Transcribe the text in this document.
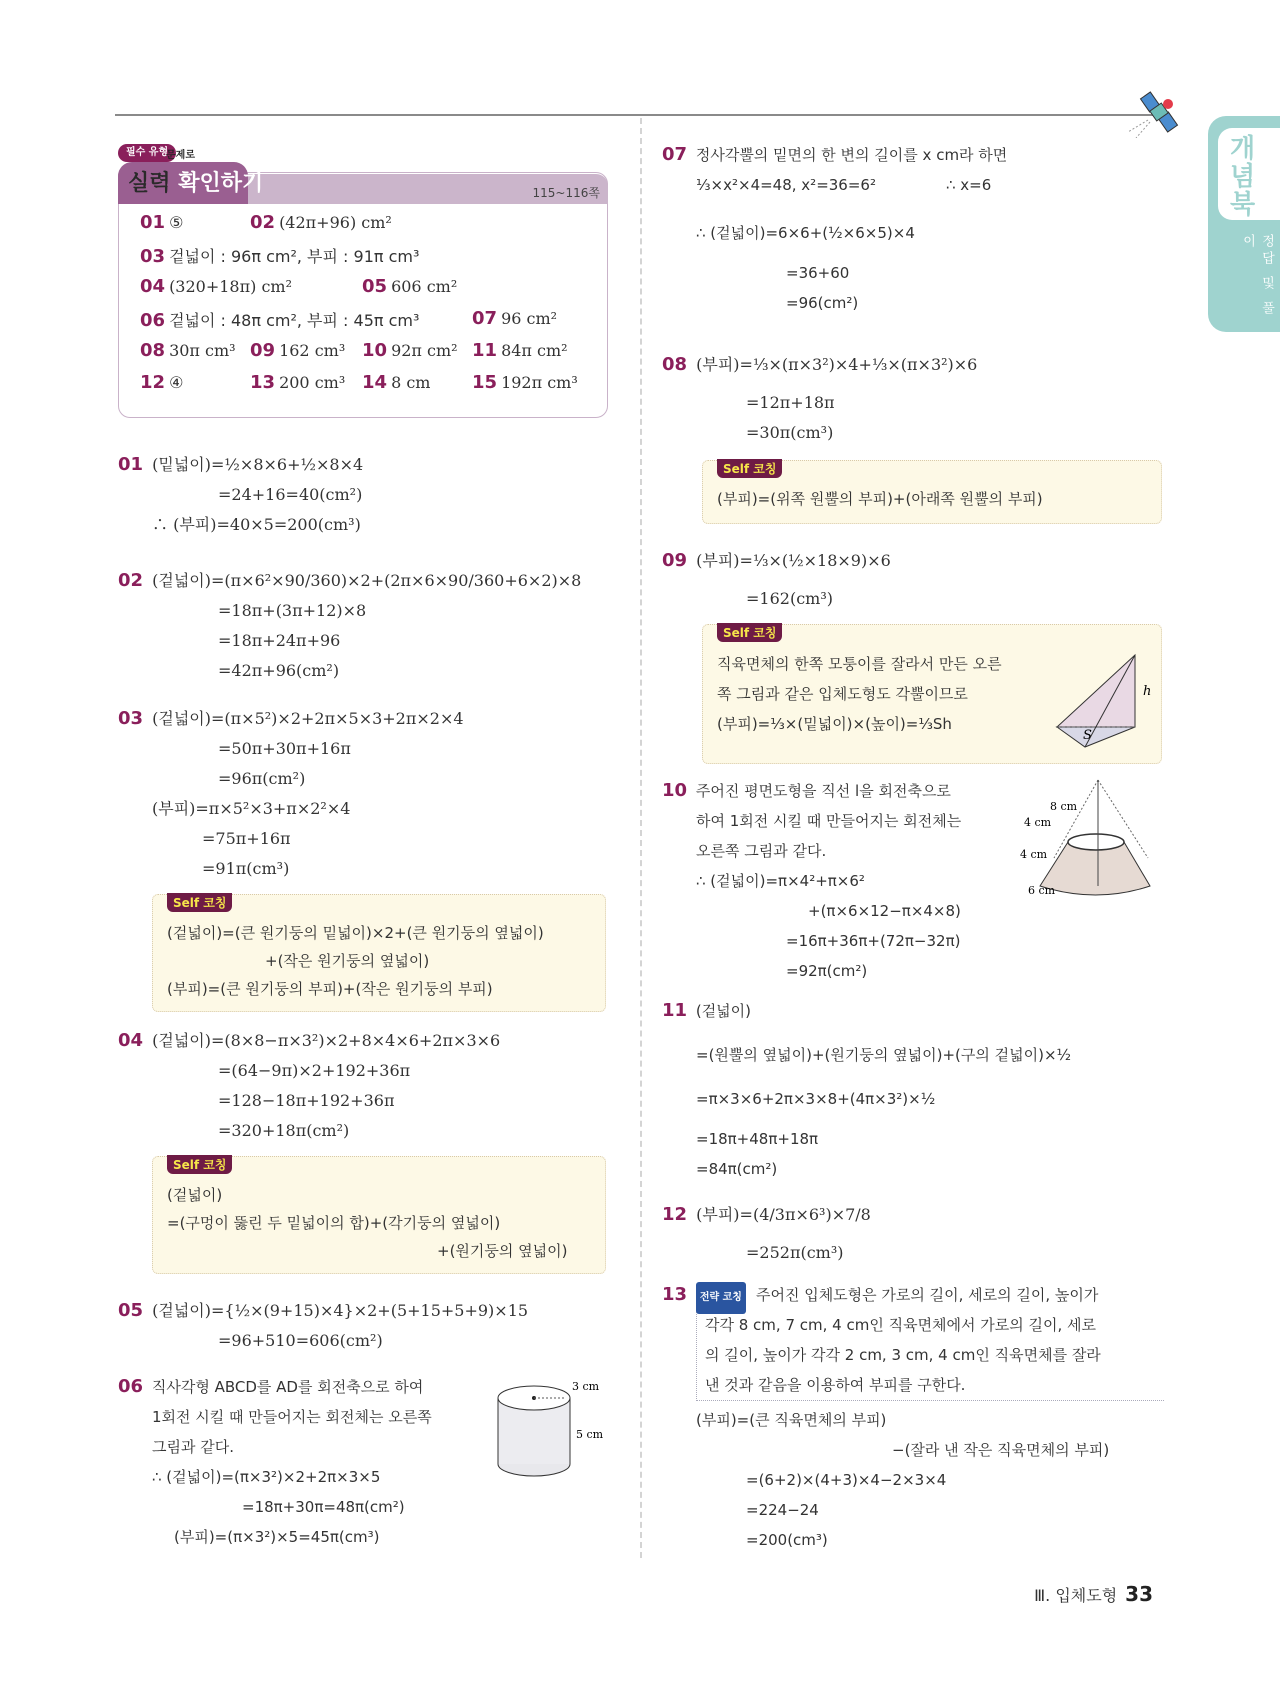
개념북
정답 및 풀이
필수 유형
문제로
실력 확인하기	115~116쪽
01 ⑤	02 (42π+96) cm²
03 겉넓이 : 96π cm², 부피 : 91π cm³
04 (320+18π) cm²	05 606 cm²
06 겉넓이 : 48π cm², 부피 : 45π cm³	07 96 cm²
08 30π cm³ 09 162 cm³ 10 92π cm² 11 84π cm²
12 ④	13 200 cm³ 14 8 cm 15 192π cm³
01 (밑넓이)=½×8×6+½×8×4
=24+16=40(cm²)
∴ (부피)=40×5=200(cm³)
02 (겉넓이)=(π×6²×90/360)×2+(2π×6×90/360+6×2)×8
=18π+(3π+12)×8
=18π+24π+96
=42π+96(cm²)
03 (겉넓이)=(π×5²)×2+2π×5×3+2π×2×4
=50π+30π+16π
=96π(cm²)
(부피)=π×5²×3+π×2²×4
=75π+16π
=91π(cm³)
Self 코칭
(겉넓이)=(큰 원기둥의 밑넓이)×2+(큰 원기둥의 옆넓이)
+(작은 원기둥의 옆넓이)
(부피)=(큰 원기둥의 부피)+(작은 원기둥의 부피)
04 (겉넓이)=(8×8−π×3²)×2+8×4×6+2π×3×6
=(64−9π)×2+192+36π
=128−18π+192+36π
=320+18π(cm²)
Self 코칭
(겉넓이)
=(구멍이 뚫린 두 밑넓이의 합)+(각기둥의 옆넓이)
+(원기둥의 옆넓이)
05 (겉넓이)={½×(9+15)×4}×2+(5+15+5+9)×15
=96+510=606(cm²)
06 직사각형 ABCD를 AD를 회전축으로 하여
1회전 시킬 때 만들어지는 회전체는 오른쪽
그림과 같다.
∴ (겉넓이)=(π×3²)×2+2π×3×5
=18π+30π=48π(cm²)
(부피)=(π×3²)×5=45π(cm³)
3 cm
5 cm
07 정사각뿔의 밑면의 한 변의 길이를 x cm라 하면
⅓×x²×4=48, x²=36=6²	∴ x=6
∴ (겉넓이)=6×6+(½×6×5)×4
=36+60
=96(cm²)
08 (부피)=⅓×(π×3²)×4+⅓×(π×3²)×6
=12π+18π
=30π(cm³)
Self 코칭
(부피)=(위쪽 원뿔의 부피)+(아래쪽 원뿔의 부피)
09 (부피)=⅓×(½×18×9)×6
=162(cm³)
Self 코칭
직육면체의 한쪽 모퉁이를 잘라서 만든 오른
쪽 그림과 같은 입체도형도 각뿔이므로
(부피)=⅓×(밑넓이)×(높이)=⅓Sh
h
S
10 주어진 평면도형을 직선 l을 회전축으로
하여 1회전 시킬 때 만들어지는 회전체는
오른쪽 그림과 같다.
∴ (겉넓이)=π×4²+π×6²
+(π×6×12−π×4×8)
=16π+36π+(72π−32π)
=92π(cm²)
8 cm
4 cm
4 cm
6 cm
11 (겉넓이)
=(원뿔의 옆넓이)+(원기둥의 옆넓이)+(구의 겉넓이)×½
=π×3×6+2π×3×8+(4π×3²)×½
=18π+48π+18π
=84π(cm²)
12 (부피)=(4/3π×6³)×7/8
=252π(cm³)
13 전략 코칭 주어진 입체도형은 가로의 길이, 세로의 길이, 높이가
각각 8 cm, 7 cm, 4 cm인 직육면체에서 가로의 길이, 세로
의 길이, 높이가 각각 2 cm, 3 cm, 4 cm인 직육면체를 잘라
낸 것과 같음을 이용하여 부피를 구한다.
(부피)=(큰 직육면체의 부피)
−(잘라 낸 작은 직육면체의 부피)
=(6+2)×(4+3)×4−2×3×4
=224−24
=200(cm³)
Ⅲ. 입체도형 33
